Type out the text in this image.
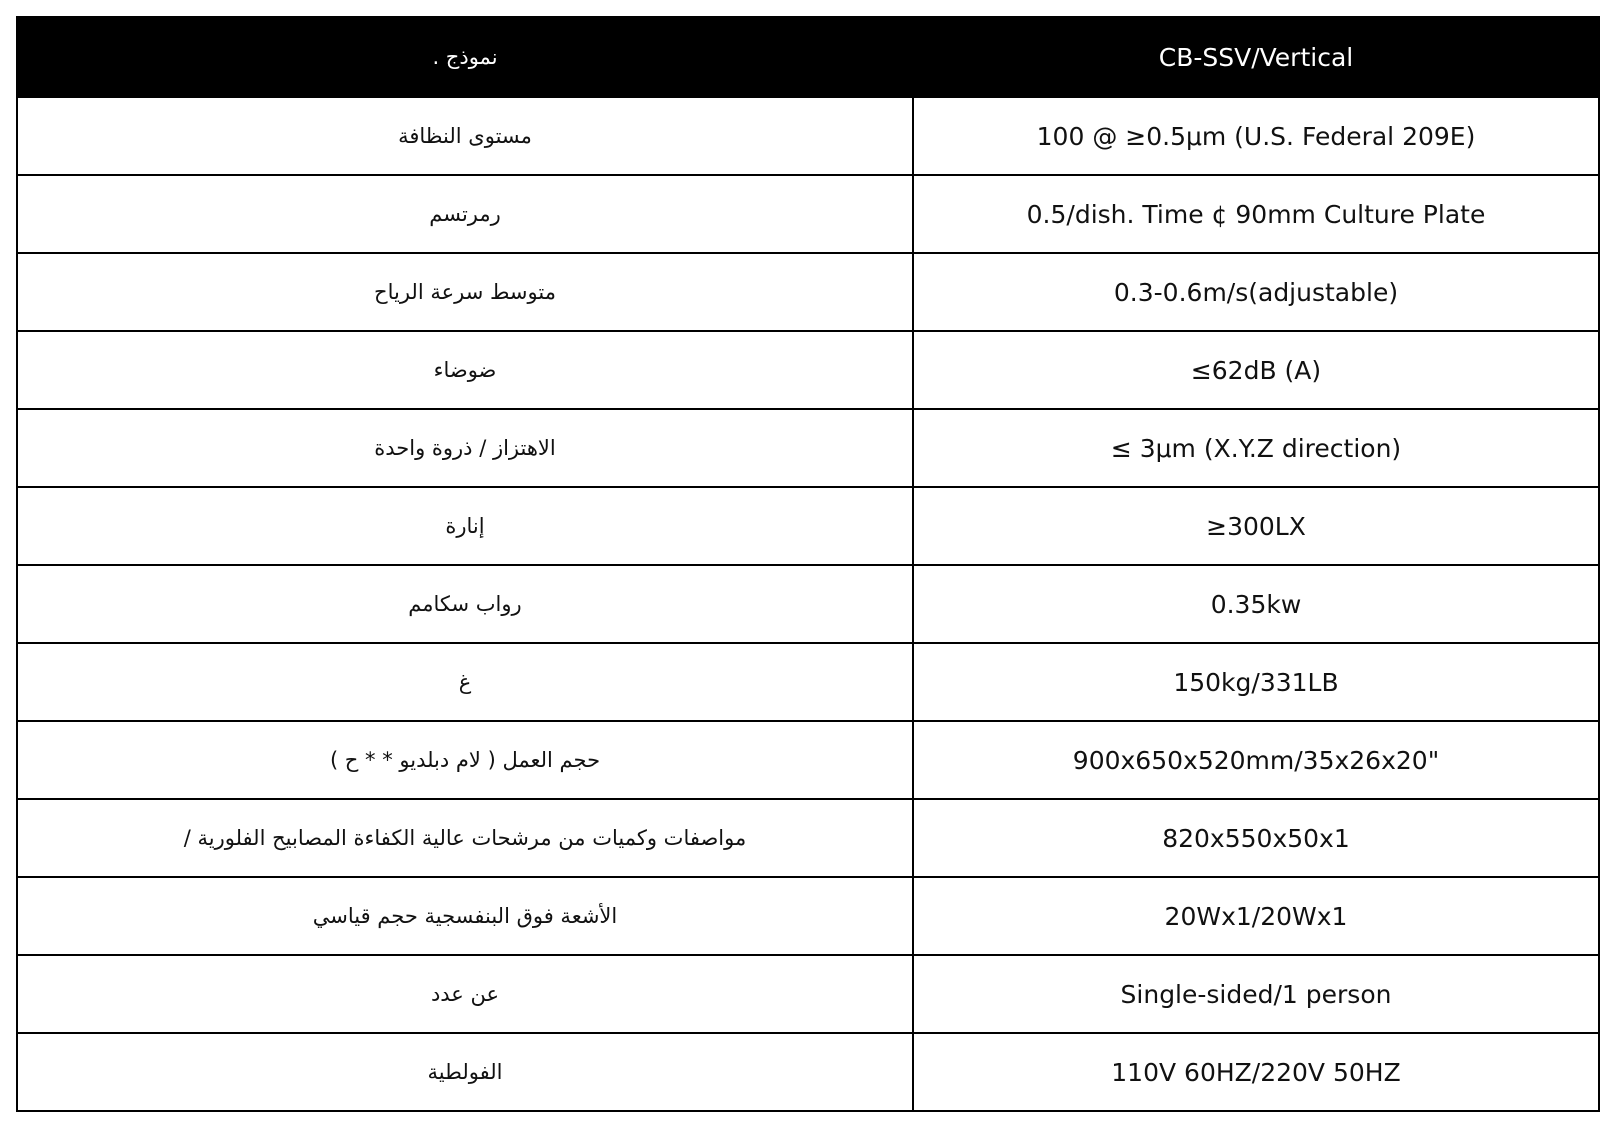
نموذج .	CB-SSV/Vertical
مستوى النظافة	100 @ ≥0.5μm (U.S. Federal 209E)
رمرتسم	0.5/dish. Time ¢ 90mm Culture Plate
متوسط سرعة الرياح	0.3-0.6m/s(adjustable)
ضوضاء	≤62dB (A)
الاهتزاز / ذروة واحدة	≤ 3μm (X.Y.Z direction)
إنارة	≥300LX
رواب سكامم	0.35kw
غ	150kg/331LB
حجم العمل ( لام دبلديو * * ح )	900x650x520mm/35x26x20"
مواصفات وكميات من مرشحات عالية الكفاءة المصابيح الفلورية /	820x550x50x1
الأشعة فوق البنفسجية حجم قياسي	20Wx1/20Wx1
عن عدد	Single-sided/1 person
الفولطية	110V 60HZ/220V 50HZ
